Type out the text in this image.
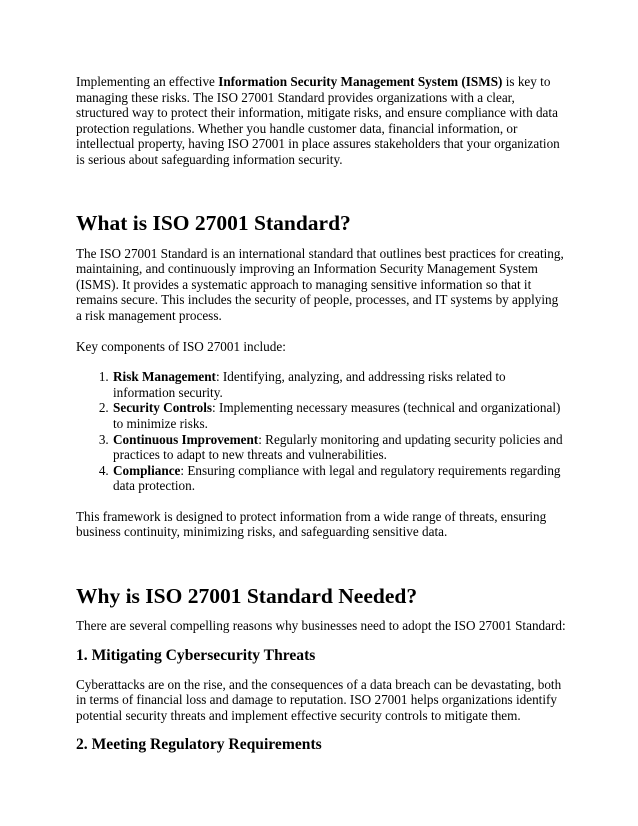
Implementing an effective Information Security Management System (ISMS) is key to managing these risks. The ISO 27001 Standard provides organizations with a clear, structured way to protect their information, mitigate risks, and ensure compliance with data protection regulations. Whether you handle customer data, financial information, or intellectual property, having ISO 27001 in place assures stakeholders that your organization is serious about safeguarding information security.

What is ISO 27001 Standard?

The ISO 27001 Standard is an international standard that outlines best practices for creating, maintaining, and continuously improving an Information Security Management System (ISMS). It provides a systematic approach to managing sensitive information so that it remains secure. This includes the security of people, processes, and IT systems by applying a risk management process.

Key components of ISO 27001 include:

1. Risk Management: Identifying, analyzing, and addressing risks related to information security.
2. Security Controls: Implementing necessary measures (technical and organizational) to minimize risks.
3. Continuous Improvement: Regularly monitoring and updating security policies and practices to adapt to new threats and vulnerabilities.
4. Compliance: Ensuring compliance with legal and regulatory requirements regarding data protection.

This framework is designed to protect information from a wide range of threats, ensuring business continuity, minimizing risks, and safeguarding sensitive data.

Why is ISO 27001 Standard Needed?

There are several compelling reasons why businesses need to adopt the ISO 27001 Standard:

1. Mitigating Cybersecurity Threats

Cyberattacks are on the rise, and the consequences of a data breach can be devastating, both in terms of financial loss and damage to reputation. ISO 27001 helps organizations identify potential security threats and implement effective security controls to mitigate them.

2. Meeting Regulatory Requirements
